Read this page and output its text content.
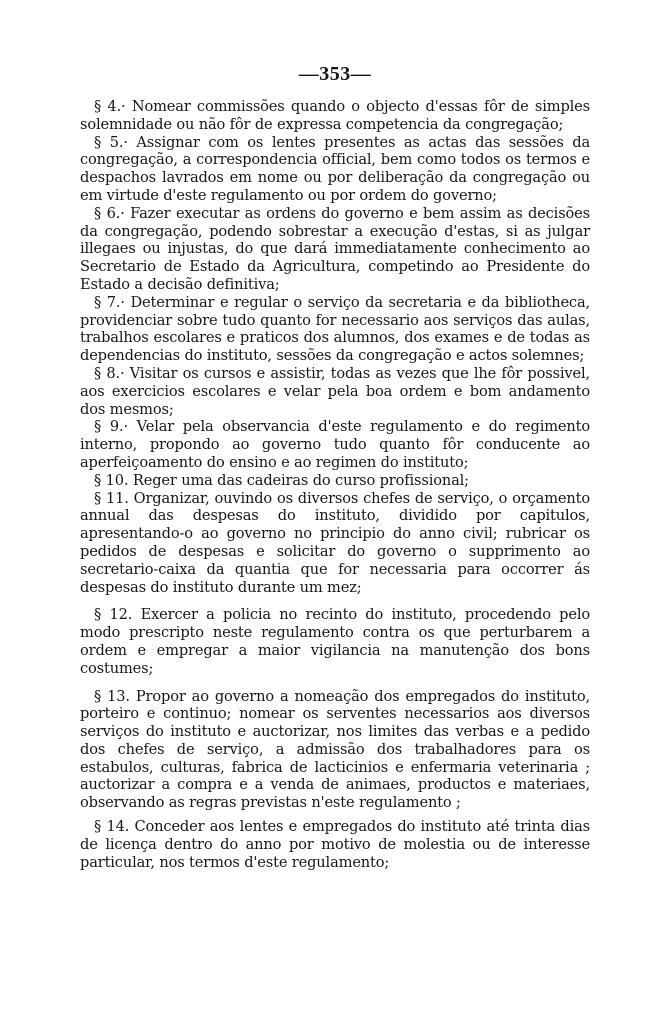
—353—

§ 4.· Nomear commissões quando o objecto d'essas fôr de simples solemnidade ou não fôr de expressa competencia da congregação;

§ 5.· Assignar com os lentes presentes as actas das sessões da congregação, a correspondencia official, bem como todos os termos e despachos lavrados em nome ou por deliberação da congregação ou em virtude d'este regulamento ou por ordem do governo;

§ 6.· Fazer executar as ordens do governo e bem assim as decisões da congregação, podendo sobrestar a execução d'estas, si as julgar illegaes ou injustas, do que dará immediatamente conhecimento ao Secretario de Estado da Agricultura, competindo ao Presidente do Estado a decisão definitiva;

§ 7.· Determinar e regular o serviço da secretaria e da bibliotheca, providenciar sobre tudo quanto for necessario aos serviços das aulas, trabalhos escolares e praticos dos alumnos, dos exames e de todas as dependencias do instituto, sessões da congregação e actos solemnes;

§ 8.· Visitar os cursos e assistir, todas as vezes que lhe fôr possivel, aos exercicios escolares e velar pela boa ordem e bom andamento dos mesmos;

§ 9.· Velar pela observancia d'este regulamento e do regimento interno, propondo ao governo tudo quanto fôr conducente ao aperfeiçoamento do ensino e ao regimen do instituto;

§ 10. Reger uma das cadeiras do curso profissional;

§ 11. Organizar, ouvindo os diversos chefes de serviço, o orçamento annual das despesas do instituto, dividido por capitulos, apresentando-o ao governo no principio do anno civil; rubricar os pedidos de despesas e solicitar do governo o supprimento ao secretario-caixa da quantia que for necessaria para occorrer ás despesas do instituto durante um mez;

§ 12. Exercer a policia no recinto do instituto, procedendo pelo modo prescripto neste regulamento contra os que perturbarem a ordem e empregar a maior vigilancia na manutenção dos bons costumes;

§ 13. Propor ao governo a nomeação dos empregados do instituto, porteiro e continuo; nomear os serventes necessarios aos diversos serviços do instituto e auctorizar, nos limites das verbas e a pedido dos chefes de serviço, a admissão dos trabalhadores para os estabulos, culturas, fabrica de lacticinios e enfermaria veterinaria ; auctorizar a compra e a venda de animaes, productos e materiaes, observando as regras previstas n'este regulamento ;

§ 14. Conceder aos lentes e empregados do instituto até trinta dias de licença dentro do anno por motivo de molestia ou de interesse particular, nos termos d'este regulamento;
